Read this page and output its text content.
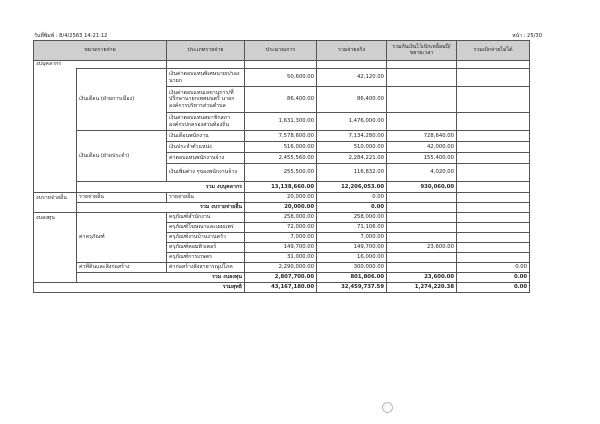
วันที่พิมพ์ : 8/4/2563 14:21:12	หน้า : 25/30
หมวดรายจ่าย		ประเภทรายจ่าย	ประมาณการ	รวมจ่ายจริง	รวมกันเงินไว้เบิกเหลื่อมปี/ขยายเวลา	รวมเบิกจ่ายไม่ได้
งบบุคลากร						
	เงินเดือน (ฝ่ายการเมือง)	เงินค่าตอบแทนพิเศษนายก/รองนายก	50,600.00	42,120.00		
		เงินค่าตอบแทนเลขานุการ/ที่ปรึกษานายกเทศมนตรี นายกองค์การบริหารส่วนตำบล	86,400.00	86,400.00		
		เงินค่าตอบแทนสมาชิกสภาองค์กรปกครองส่วนท้องถิ่น	1,631,300.00	1,476,000.00		
	เงินเดือน (ฝ่ายประจำ)	เงินเดือนพนักงาน	7,578,600.00	7,134,280.00	728,640.00	
		เงินประจำตำแหน่ง	516,000.00	510,000.00	42,000.00	
		ค่าตอบแทนพนักงานจ้าง	2,455,560.00	2,284,221.00	155,400.00	
		เงินเพิ่มต่าง ๆของพนักงานจ้าง	255,500.00	116,832.00	4,020.00	
	รวม งบบุคลากร		13,138,660.00	12,206,053.00	930,060.00	
งบรายจ่ายอื่น	รายจ่ายอื่น	รายจ่ายอื่น	20,000.00	0.00		
	รวม งบรายจ่ายอื่น		20,000.00	0.00		
งบลงทุน	ค่าครุภัณฑ์	ครุภัณฑ์สำนักงาน	258,000.00	258,000.00		
		ครุภัณฑ์โฆษณาและเผยแพร่	72,000.00	71,106.00		
		ครุภัณฑ์งานบ้านงานครัว	7,000.00	7,000.00		
		ครุภัณฑ์คอมพิวเตอร์	149,700.00	149,700.00	23,600.00	
		ครุภัณฑ์การเกษตร	31,000.00	16,000.00		
	ค่าที่ดินและสิ่งก่อสร้าง	ค่าก่อสร้างสิ่งสาธารณูปโภค	2,290,000.00	300,000.00		0.00
	รวม งบลงทุน		2,807,700.00	801,806.00	23,600.00	0.00
รวมสุทธิ			43,167,180.00	32,459,737.59	1,274,220.38	0.00
